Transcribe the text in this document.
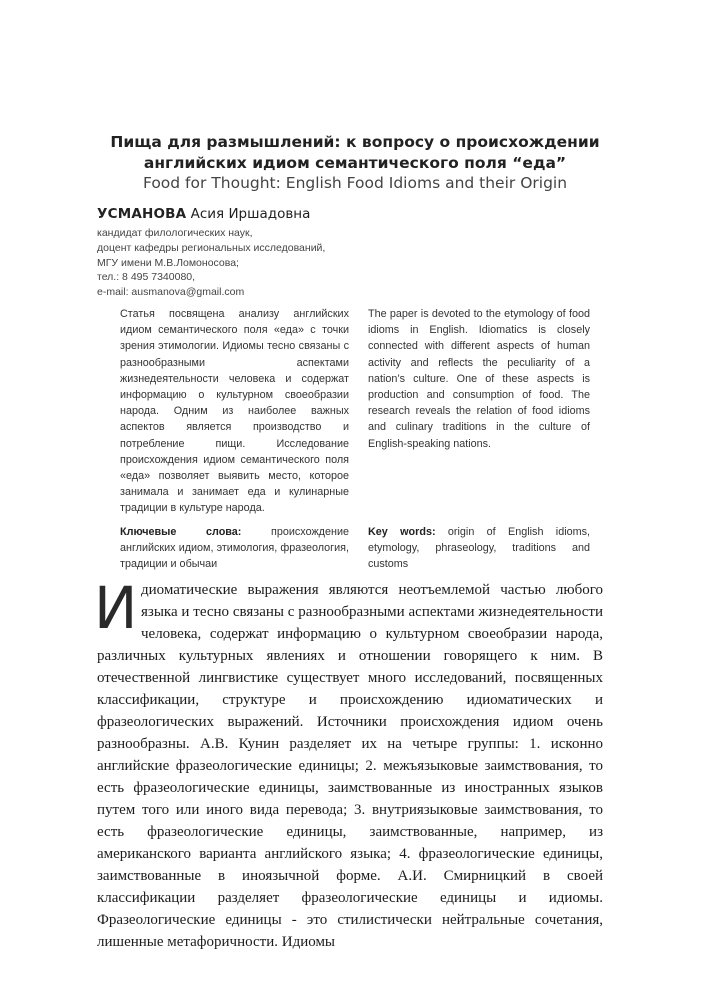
Пища для размышлений: к вопросу о происхождении английских идиом семантического поля “еда”
Food for Thought: English Food Idioms and their Origin
УСМАНОВА Асия Иршадовна
кандидат филологических наук,
доцент кафедры региональных исследований,
МГУ имени М.В.Ломоносова;
тел.: 8 495 7340080,
e-mail: ausmanova@gmail.com
Статья посвящена анализу английских идиом семантического поля «еда» с точки зрения этимологии. Идиомы тесно связаны с разнообразными аспектами жизнедеятельности человека и содержат информацию о культурном своеобразии народа. Одним из наиболее важных аспектов является производство и потребление пищи. Исследование происхождения идиом семантического поля «еда» позволяет выявить место, которое занимала и занимает еда и кулинарные традиции в культуре народа.
The paper is devoted to the etymology of food idioms in English. Idiomatics is closely connected with different aspects of human activity and reflects the peculiarity of a nation’s culture. One of these aspects is production and consumption of food. The research reveals the relation of food idioms and culinary traditions in the culture of English-speaking nations.
Ключевые слова: происхождение английских идиом, этимология, фразеология, традиции и обычаи
Key words: origin of English idioms, etymology, phraseology, traditions and customs
И диоматические выражения являются неотъемлемой частью любого языка и тесно связаны с разнообразными аспектами жизнедеятельности человека, содержат информацию о культурном своеобразии народа, различных культурных явлениях и отношении говорящего к ним. В отечественной лингвистике существует много исследований, посвященных классификации, структуре и происхождению идиоматических и фразеологических выражений. Источники происхождения идиом очень разнообразны. А.В. Кунин разделяет их на четыре группы: 1. исконно английские фразеологические единицы; 2. межъязыковые заимствования, то есть фразеологические единицы, заимствованные из иностранных языков путем того или иного вида перевода; 3. внутриязыковые заимствования, то есть фразеологические единицы, заимствованные, например, из американского варианта английского языка; 4. фразеологические единицы, заимствованные в иноязычной форме. А.И. Смирницкий в своей классификации разделяет фразеологические единицы и идиомы. Фразеологические единицы - это стилистически нейтральные сочетания, лишенные метафоричности. Идиомы
